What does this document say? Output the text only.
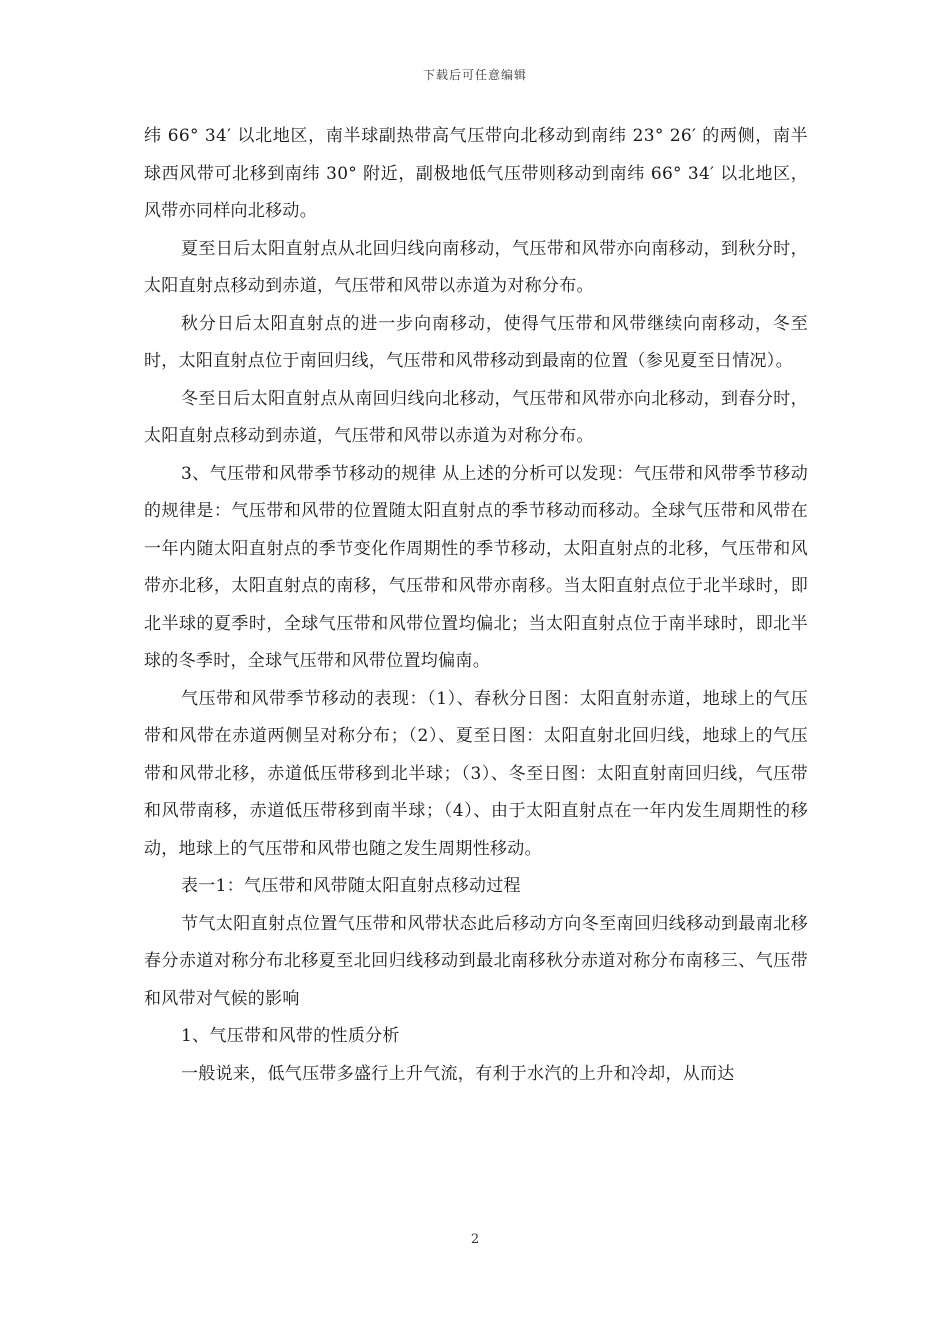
下载后可任意编辑

纬 66° 34′ 以北地区，南半球副热带高气压带向北移动到南纬 23° 26′ 的两侧，南半球西风带可北移到南纬 30° 附近，副极地低气压带则移动到南纬 66° 34′ 以北地区，风带亦同样向北移动。

夏至日后太阳直射点从北回归线向南移动，气压带和风带亦向南移动，到秋分时，太阳直射点移动到赤道，气压带和风带以赤道为对称分布。

秋分日后太阳直射点的进一步向南移动，使得气压带和风带继续向南移动，冬至时，太阳直射点位于南回归线，气压带和风带移动到最南的位置（参见夏至日情况）。

冬至日后太阳直射点从南回归线向北移动，气压带和风带亦向北移动，到春分时，太阳直射点移动到赤道，气压带和风带以赤道为对称分布。

3、气压带和风带季节移动的规律 从上述的分析可以发现：气压带和风带季节移动的规律是：气压带和风带的位置随太阳直射点的季节移动而移动。全球气压带和风带在一年内随太阳直射点的季节变化作周期性的季节移动，太阳直射点的北移，气压带和风带亦北移，太阳直射点的南移，气压带和风带亦南移。当太阳直射点位于北半球时，即北半球的夏季时，全球气压带和风带位置均偏北；当太阳直射点位于南半球时，即北半球的冬季时，全球气压带和风带位置均偏南。

气压带和风带季节移动的表现：（1）、春秋分日图：太阳直射赤道，地球上的气压带和风带在赤道两侧呈对称分布；（2）、夏至日图：太阳直射北回归线，地球上的气压带和风带北移，赤道低压带移到北半球；（3）、冬至日图：太阳直射南回归线，气压带和风带南移，赤道低压带移到南半球；（4）、由于太阳直射点在一年内发生周期性的移动，地球上的气压带和风带也随之发生周期性移动。

表一1：气压带和风带随太阳直射点移动过程

节气太阳直射点位置气压带和风带状态此后移动方向冬至南回归线移动到最南北移春分赤道对称分布北移夏至北回归线移动到最北南移秋分赤道对称分布南移三、气压带和风带对气候的影响

1、气压带和风带的性质分析

一般说来，低气压带多盛行上升气流，有利于水汽的上升和冷却，从而达

2
